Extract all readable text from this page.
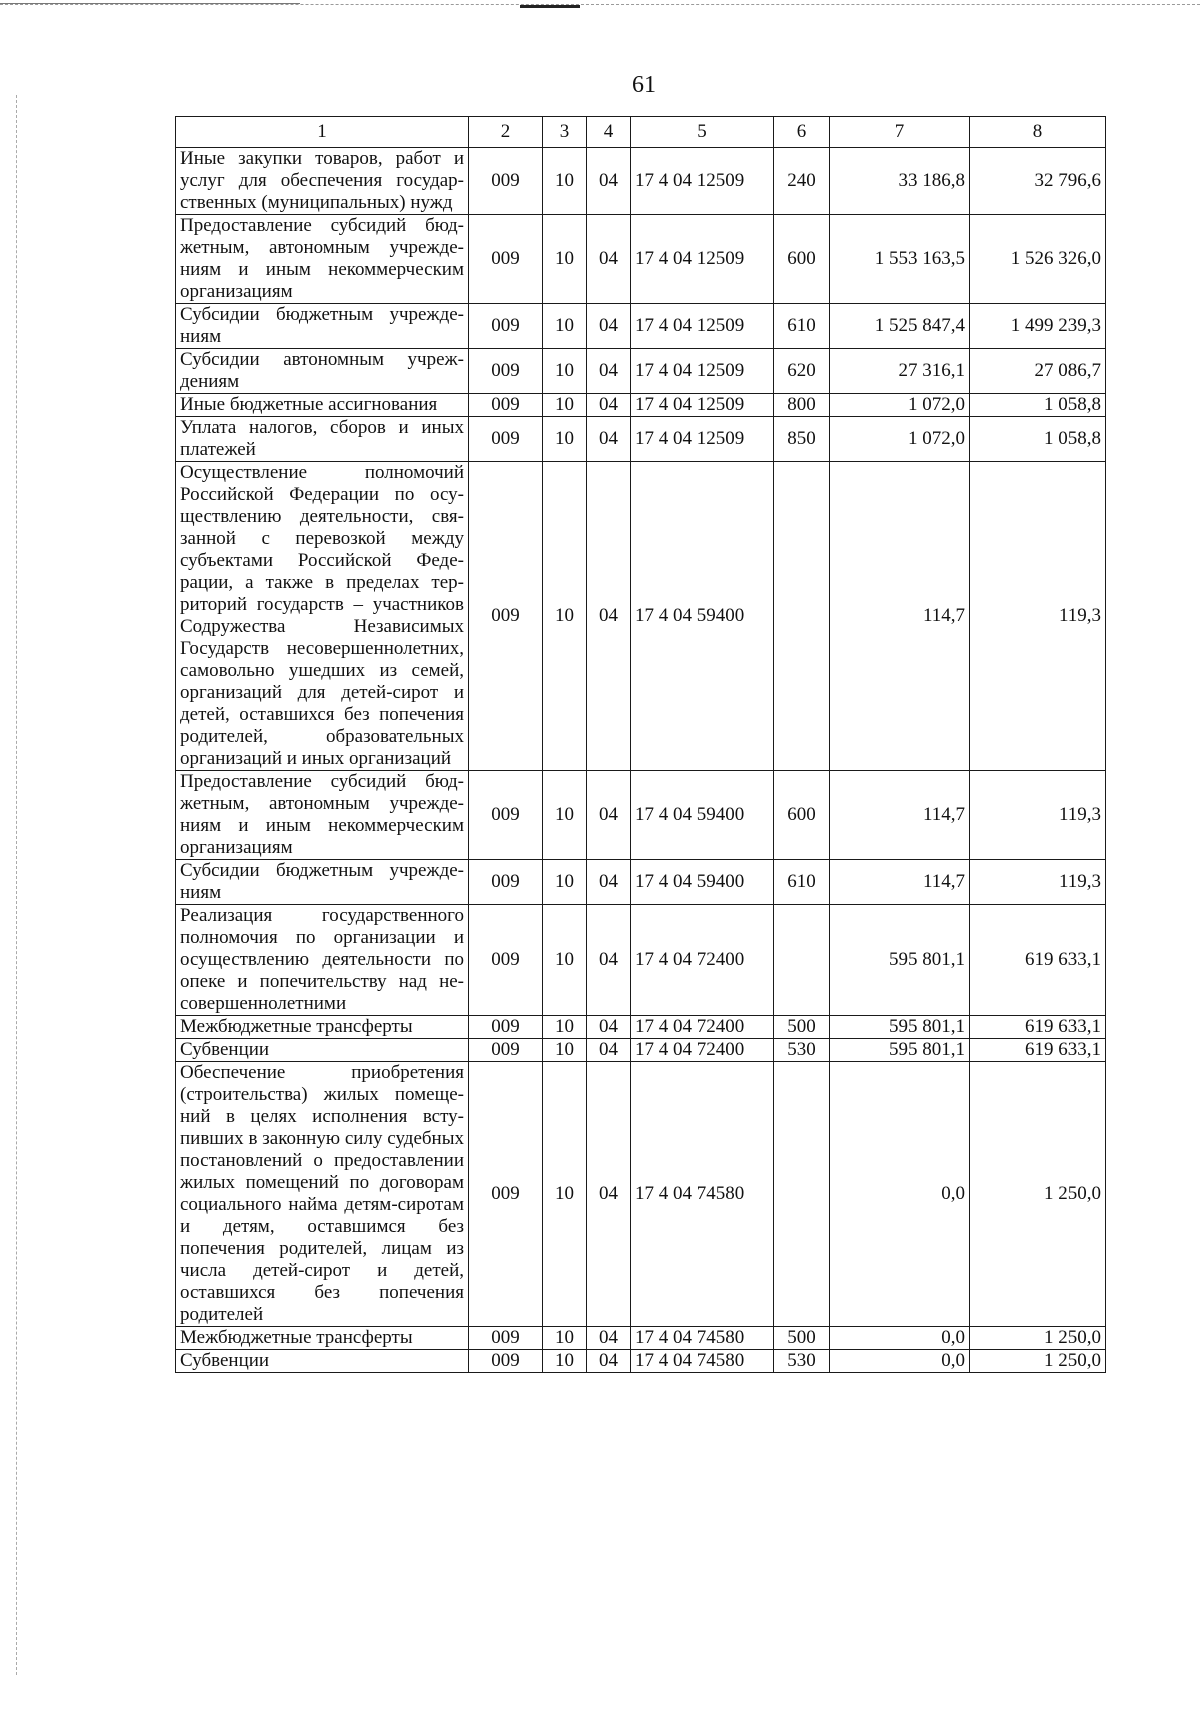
61
1	2	3	4	5	6	7	8
Иные закупки товаров, работ и услуг для обеспечения государственных (муниципальных) нужд	009	10	04	17 4 04 12509	240	33 186,8	32 796,6
Предоставление субсидий бюджетным, автономным учреждениям и иным некоммерческим организациям	009	10	04	17 4 04 12509	600	1 553 163,5	1 526 326,0
Субсидии бюджетным учреждениям	009	10	04	17 4 04 12509	610	1 525 847,4	1 499 239,3
Субсидии автономным учреждениям	009	10	04	17 4 04 12509	620	27 316,1	27 086,7
Иные бюджетные ассигнования	009	10	04	17 4 04 12509	800	1 072,0	1 058,8
Уплата налогов, сборов и иных платежей	009	10	04	17 4 04 12509	850	1 072,0	1 058,8
Осуществление полномочий Российской Федерации по осуществлению деятельности, связанной с перевозкой между субъектами Российской Федерации, а также в пределах территорий государств – участников Содружества Независимых Государств несовершеннолетних, самовольно ушедших из семей, организаций для детей-сирот и детей, оставшихся без попечения родителей, образовательных организаций и иных организаций	009	10	04	17 4 04 59400		114,7	119,3
Предоставление субсидий бюджетным, автономным учреждениям и иным некоммерческим организациям	009	10	04	17 4 04 59400	600	114,7	119,3
Субсидии бюджетным учреждениям	009	10	04	17 4 04 59400	610	114,7	119,3
Реализация государственного полномочия по организации и осуществлению деятельности по опеке и попечительству над несовершеннолетними	009	10	04	17 4 04 72400		595 801,1	619 633,1
Межбюджетные трансферты	009	10	04	17 4 04 72400	500	595 801,1	619 633,1
Субвенции	009	10	04	17 4 04 72400	530	595 801,1	619 633,1
Обеспечение приобретения (строительства) жилых помещений в целях исполнения вступивших в законную силу судебных постановлений о предоставлении жилых помещений по договорам социального найма детям-сиротам и детям, оставшимся без попечения родителей, лицам из числа детей-сирот и детей, оставшихся без попечения родителей	009	10	04	17 4 04 74580		0,0	1 250,0
Межбюджетные трансферты	009	10	04	17 4 04 74580	500	0,0	1 250,0
Субвенции	009	10	04	17 4 04 74580	530	0,0	1 250,0
